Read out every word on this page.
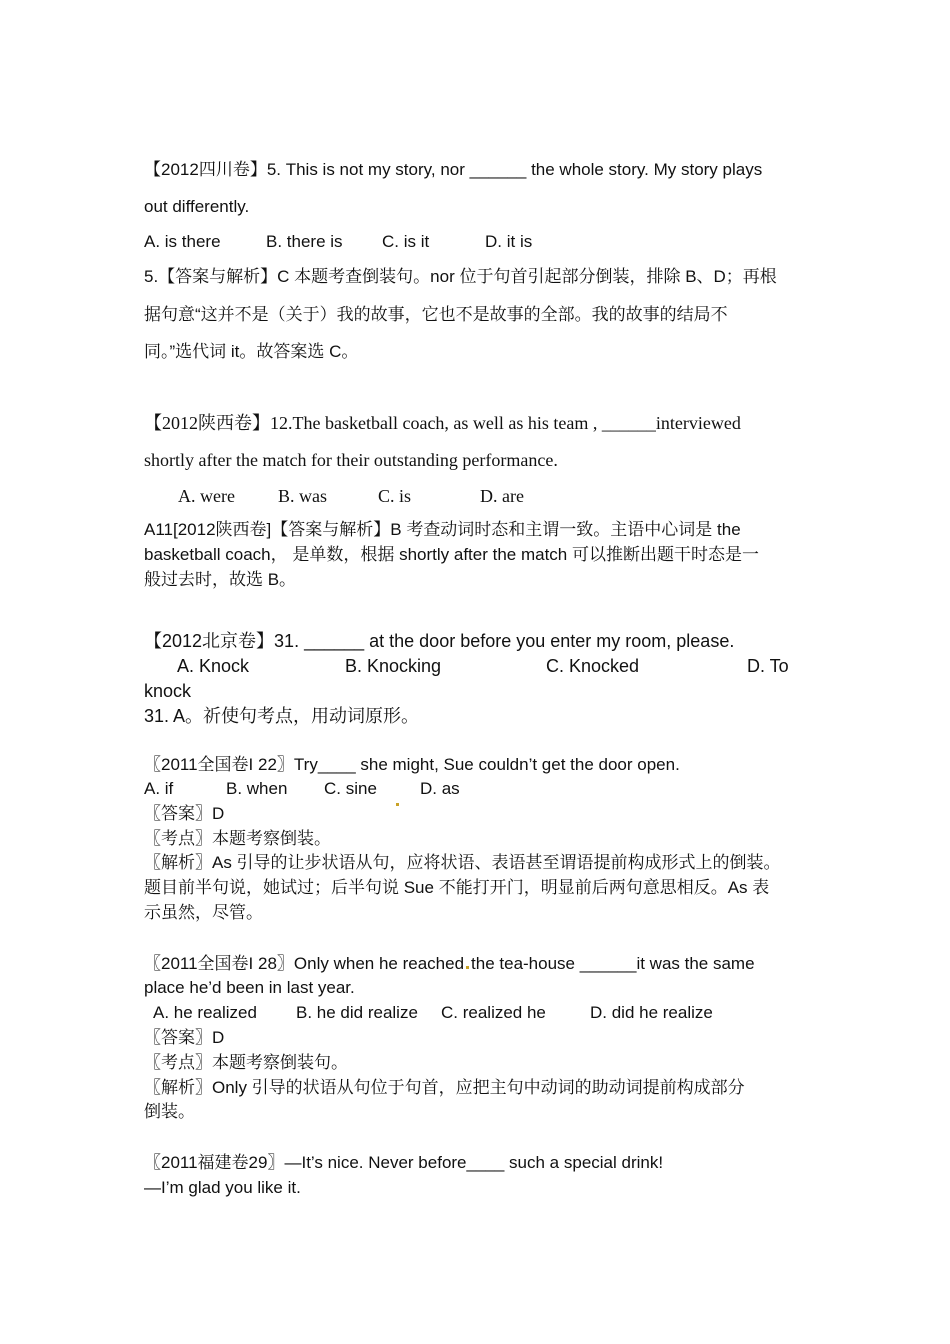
【2012四川卷】5. This is not my story, nor ______ the whole story. My story plays
out differently.
A. is there	B. there is C. is it	D. it is
5.【答案与解析】C 本题考查倒装句。nor 位于句首引起部分倒装，排除 B、D；再根
据句意“这并不是（关于）我的故事，它也不是故事的全部。我的故事的结局不
同。”选代词 it。故答案选 C。
【2012陕西卷】12.The basketball coach, as well as his team , ______interviewed
shortly after the match for their outstanding performance.
A. were B. was	C. is	D. are
A11[2012陕西卷]【答案与解析】B 考查动词时态和主谓一致。主语中心词是 the
basketball coach， 是单数，根据 shortly after the match 可以推断出题干时态是一
般过去时，故选 B。
【2012北京卷】31. ______ at the door before you enter my room, please.
A. Knock	B. Knocking	C. Knocked	D. To
knock
31. A。祈使句考点，用动词原形。
〖2011全国卷I 22〗Try____ she might, Sue couldn’t get the door open.
A. if	B. when C. sine	D. as
〖答案〗D
〖考点〗本题考察倒装。
〖解析〗As 引导的让步状语从句，应将状语、表语甚至谓语提前构成形式上的倒装。
题目前半句说，她试过；后半句说 Sue 不能打开门，明显前后两句意思相反。As 表
示虽然，尽管。
〖2011全国卷I 28〗Only when he reached the tea-house ______it was the same
place he’d been in last year.
A. he realized B. he did realize C. realized he	D. did he realize
〖答案〗D
〖考点〗本题考察倒装句。
〖解析〗Only 引导的状语从句位于句首，应把主句中动词的助动词提前构成部分
倒装。
〖2011福建卷29〗—It’s nice. Never before____ such a special drink!
—I’m glad you like it.
